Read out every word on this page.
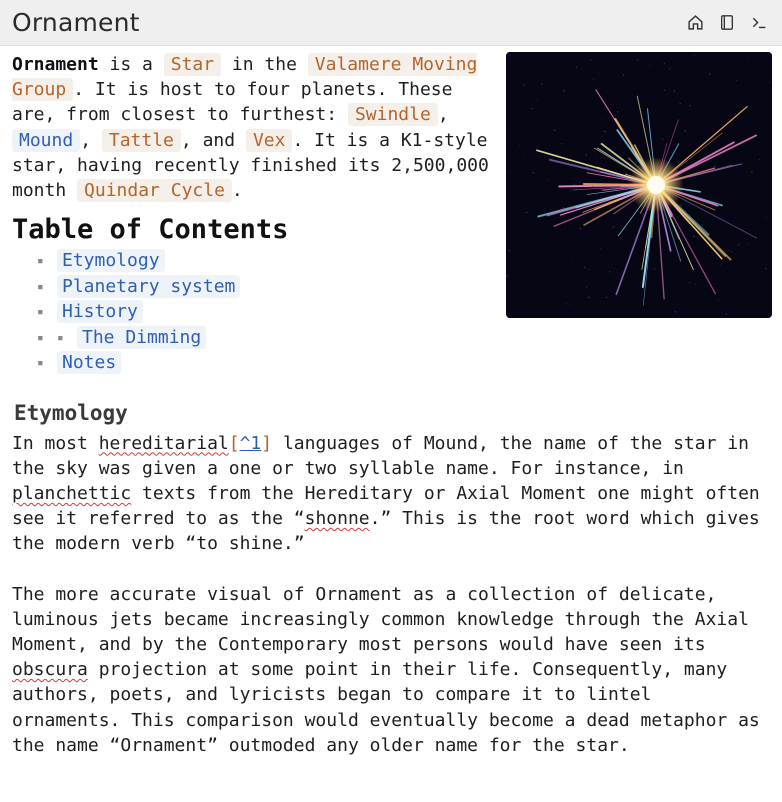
Ornament

Ornament is a Star in the Valamere Moving Group . It is host to four planets. These are, from closest to furthest: Swindle , Mound , Tattle , and Vex . It is a K1-style star, having recently finished its 2,500,000 month Quindar Cycle .

Table of Contents
▪ Etymology
▪ Planetary system
▪ History
▪ ▪ The Dimming
▪ Notes
Etymology

In most hereditarial[^1] languages of Mound, the name of the star in the sky was given a one or two syllable name. For instance, in planchettic texts from the Hereditary or Axial Moment one might often see it referred to as the “shonne.” This is the root word which gives the modern verb “to shine.”

The more accurate visual of Ornament as a collection of delicate, luminous jets became increasingly common knowledge through the Axial Moment, and by the Contemporary most persons would have seen its obscura projection at some point in their life. Consequently, many authors, poets, and lyricists began to compare it to lintel ornaments. This comparison would eventually become a dead metaphor as the name “Ornament” outmoded any older name for the star.
